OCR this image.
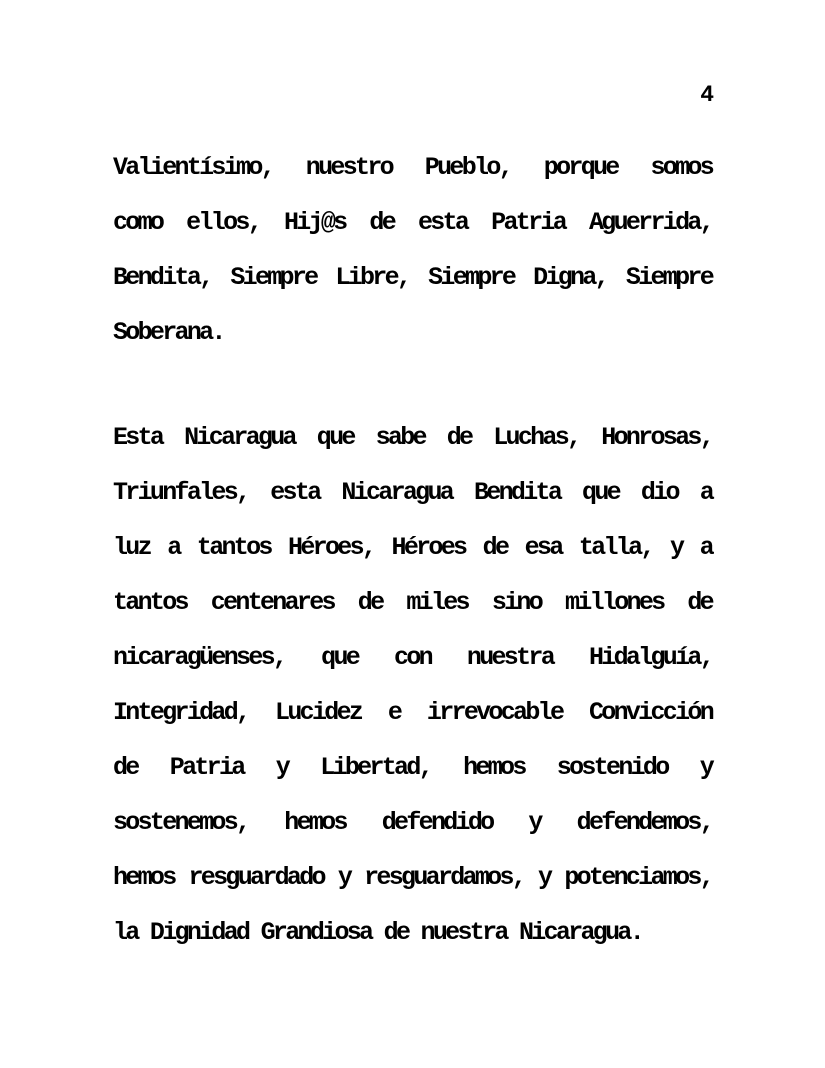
4
Valientísimo, nuestro Pueblo, porque somos
como ellos, Hij@s de esta Patria Aguerrida,
Bendita, Siempre Libre, Siempre Digna, Siempre
Soberana.
Esta Nicaragua que sabe de Luchas, Honrosas,
Triunfales, esta Nicaragua Bendita que dio a
luz a tantos Héroes, Héroes de esa talla, y a
tantos centenares de miles sino millones de
nicaragüenses, que con nuestra Hidalguía,
Integridad, Lucidez e irrevocable Convicción
de Patria y Libertad, hemos sostenido y
sostenemos, hemos defendido y defendemos,
hemos resguardado y resguardamos, y potenciamos,
la Dignidad Grandiosa de nuestra Nicaragua.
